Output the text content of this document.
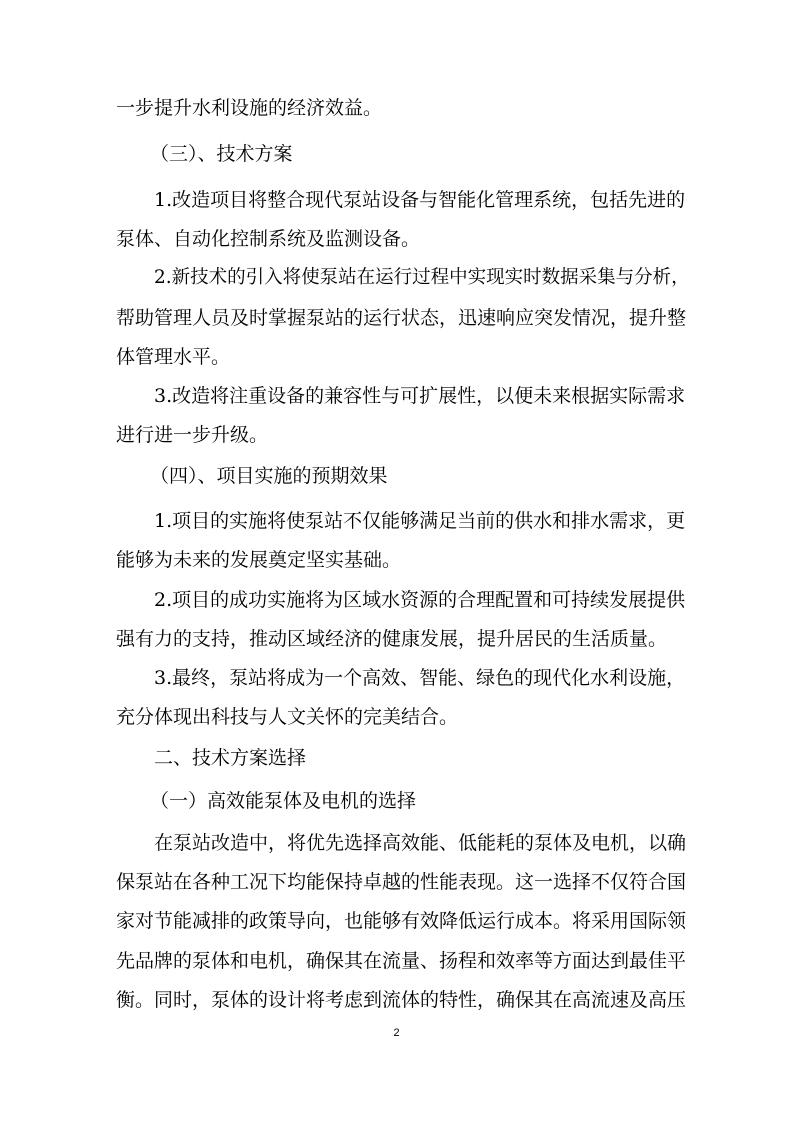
一步提升水利设施的经济效益。
（三）、技术方案
1.改造项目将整合现代泵站设备与智能化管理系统，包括先进的
泵体、自动化控制系统及监测设备。
2.新技术的引入将使泵站在运行过程中实现实时数据采集与分析，
帮助管理人员及时掌握泵站的运行状态，迅速响应突发情况，提升整
体管理水平。
3.改造将注重设备的兼容性与可扩展性，以便未来根据实际需求
进行进一步升级。
（四）、项目实施的预期效果
1.项目的实施将使泵站不仅能够满足当前的供水和排水需求，更
能够为未来的发展奠定坚实基础。
2.项目的成功实施将为区域水资源的合理配置和可持续发展提供
强有力的支持，推动区域经济的健康发展，提升居民的生活质量。
3.最终，泵站将成为一个高效、智能、绿色的现代化水利设施，
充分体现出科技与人文关怀的完美结合。
二、技术方案选择
（一）高效能泵体及电机的选择
在泵站改造中，将优先选择高效能、低能耗的泵体及电机，以确
保泵站在各种工况下均能保持卓越的性能表现。这一选择不仅符合国
家对节能减排的政策导向，也能够有效降低运行成本。将采用国际领
先品牌的泵体和电机，确保其在流量、扬程和效率等方面达到最佳平
衡。同时，泵体的设计将考虑到流体的特性，确保其在高流速及高压
2
